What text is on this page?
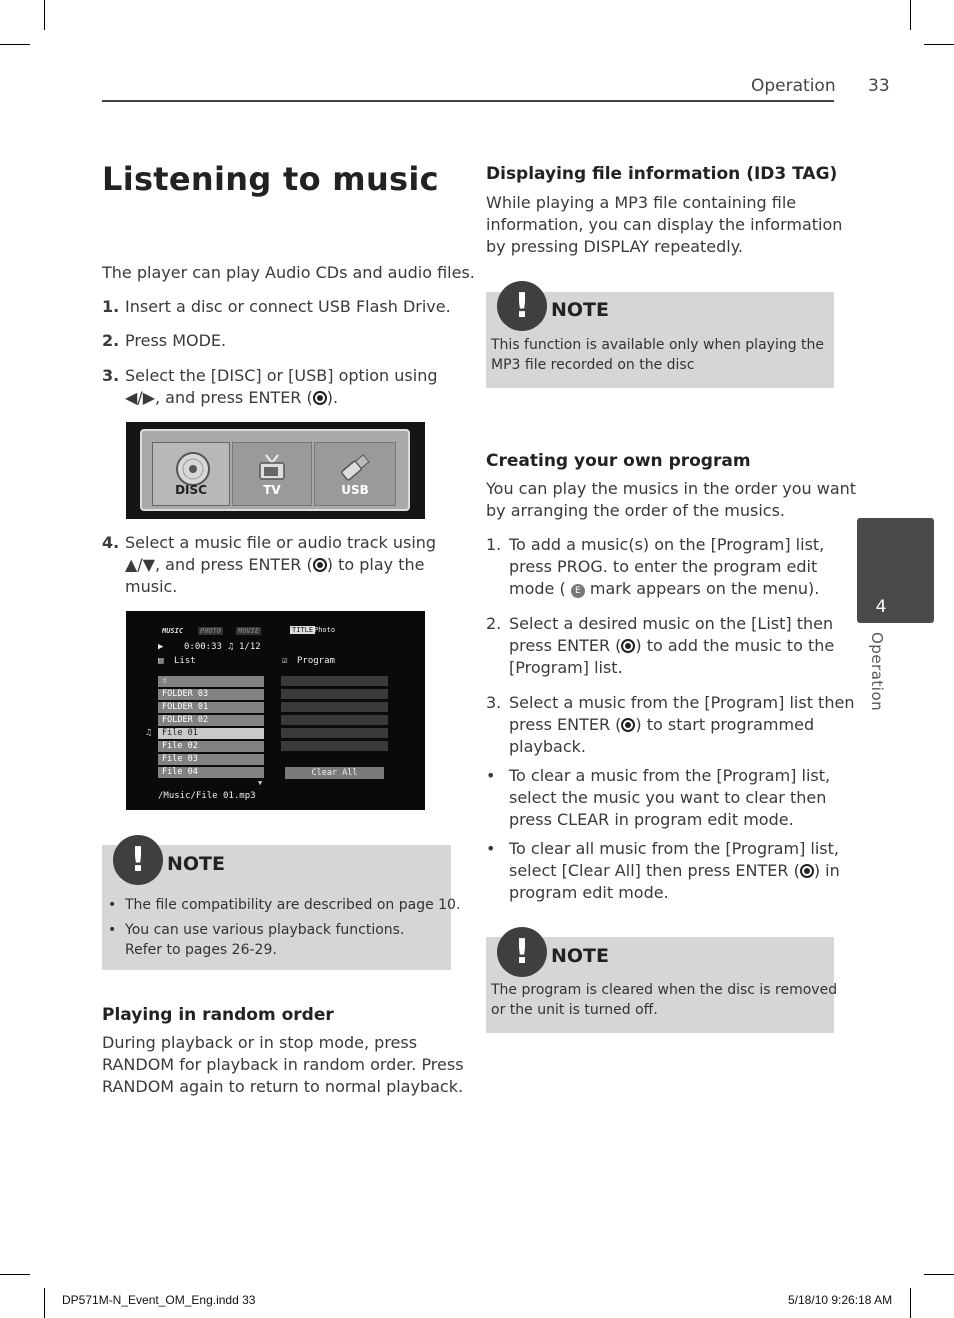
Operation 33
Listening to music
The player can play Audio CDs and audio files.
1. Insert a disc or connect USB Flash Drive.
2. Press MODE.
3. Select the [DISC] or [USB] option using
◀/▶, and press ENTER ( ).
DISC	TV	USB
4. Select a music file or audio track using
▲/▼, and press ENTER ( ) to play the
music.
MUSIC PHOTO MOVIE	TITLE Photo
▶ 0:00:33 ♫ 1/12
▤ List	☑ Program
⇧
FOLDER 03
FOLDER 01
FOLDER 02
File 01
File 02
File 03
File 04
♫
▼
Clear All
/Music/File 01.mp3
!	NOTE
• The file compatibility are described on page 10.
• You can use various playback functions. Refer to pages 26-29.
Playing in random order
During playback or in stop mode, press
RANDOM for playback in random order. Press
RANDOM again to return to normal playback.
Displaying file information (ID3 TAG)
While playing a MP3 file containing file
information, you can display the information
by pressing DISPLAY repeatedly.
!	NOTE
This function is available only when playing the
MP3 file recorded on the disc
Creating your own program
You can play the musics in the order you want
by arranging the order of the musics.
1. To add a music(s) on the [Program] list,
press PROG. to enter the program edit
mode ( E mark appears on the menu).
2. Select a desired music on the [List] then
press ENTER ( ) to add the music to the
[Program] list.
3. Select a music from the [Program] list then
press ENTER ( ) to start programmed
playback.
• To clear a music from the [Program] list,
select the music you want to clear then
press CLEAR in program edit mode.
• To clear all music from the [Program] list,
select [Clear All] then press ENTER ( ) in
program edit mode.
!	NOTE
The program is cleared when the disc is removed
or the unit is turned off.
4
Operation
DP571M-N_Event_OM_Eng.indd 33	5/18/10 9:26:18 AM
